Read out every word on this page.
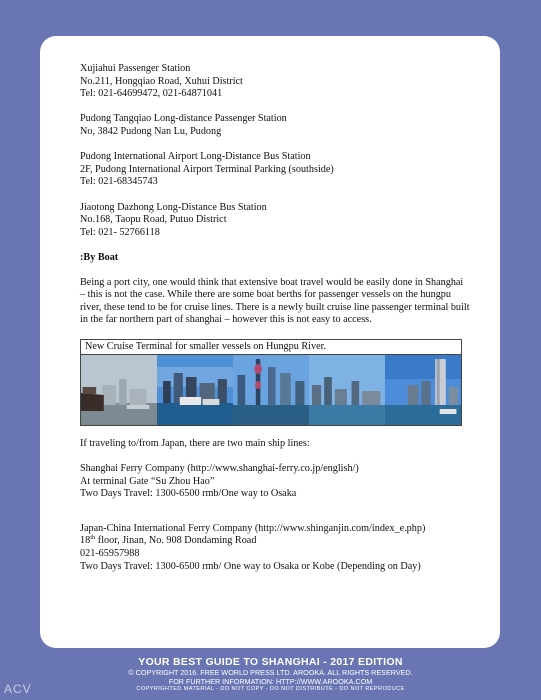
Xujiahui Passenger Station

No.211, Hongqiao Road, Xuhui District

Tel: 021-64699472, 021-64871041

Pudong Tangqiao Long-distance Passenger Station

No, 3842 Pudong Nan Lu, Pudong

Pudong International Airport Long-Distance Bus Station

2F, Pudong International Airport Terminal Parking (southside)

Tel: 021-68345743

Jiaotong Dazhong Long-Distance Bus Station

No.168, Taopu Road, Putuo District

Tel: 021- 52766118

:By Boat

Being a port city, one would think that extensive boat travel would be easily done in Shanghai – this is not the case. While there are some boat berths for passenger vessels on the hungpu river, these tend to be for cruise lines. There is a newly built cruise line passenger terminal built in the far northern part of shanghai – however this is not easy to access.

New Cruise Terminal for smaller vessels on Hungpu River.

If traveling to/from Japan, there are two main ship lines:

Shanghai Ferry Company (http://www.shanghai-ferry.co.jp/english/)

At terminal Gate “Su Zhou Hao”

Two Days Travel: 1300-6500 rmb/One way to Osaka

Japan-China International Ferry Company (http://www.shinganjin.com/index_e.php)

18th floor, Jinan, No. 908 Dondaming Road

021-65957988

Two Days Travel: 1300-6500 rmb/ One way to Osaka or Kobe (Depending on Day)

YOUR BEST GUIDE TO SHANGHAI - 2017 EDITION
© COPYRIGHT 2016. FREE WORLD PRESS LTD. AROOKA. ALL RIGHTS RESERVED.
FOR FURTHER INFORMATION: HTTP://WWW.AROOKA.COM
COPYRIGHTED MATERIAL - DO NOT COPY - DO NOT DISTRIBUTE - DO NOT REPRODUCE
ACV
